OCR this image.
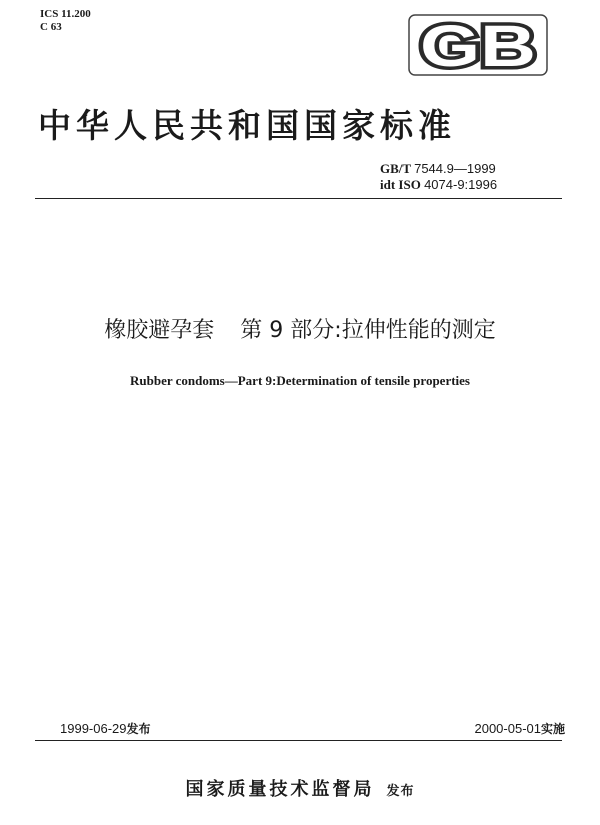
ICS 11.200
C 63	GB
中华人民共和国国家标准
GB/T 7544.9—1999
idt ISO 4074-9:1996
橡胶避孕套 第 9 部分:拉伸性能的测定
Rubber condoms—Part 9:Determination of tensile properties
1999-06-29发布	2000-05-01实施
国家质量技术监督局 发布
